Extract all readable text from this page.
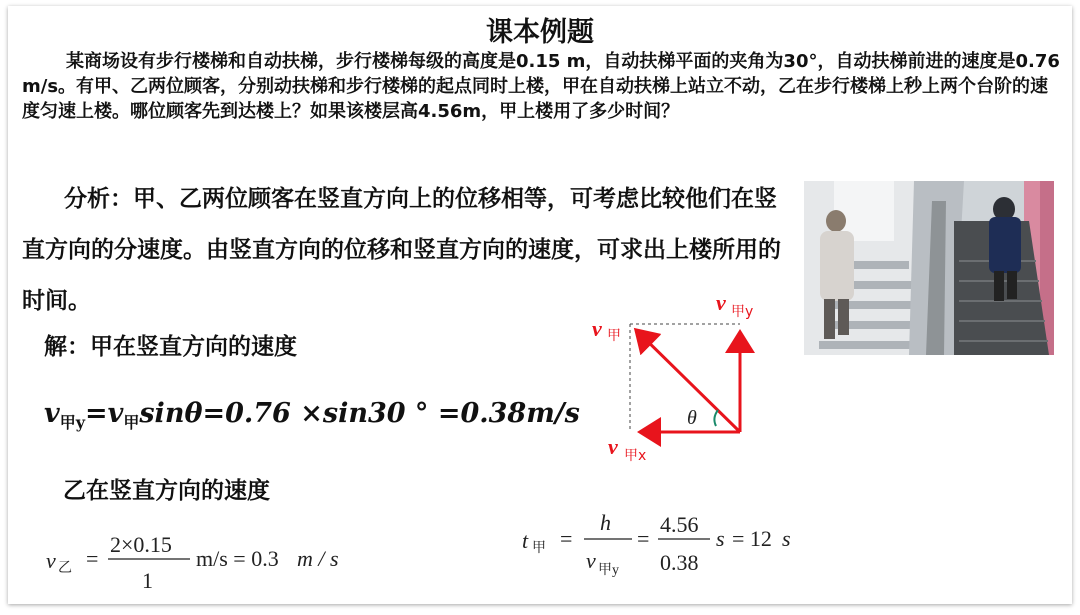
课本例题
某商场设有步行楼梯和自动扶梯，步行楼梯每级的高度是0.15 m，自动扶梯平面的夹角为30°，自动扶梯前进的速度是0.76 m/s。有甲、乙两位顾客，分别动扶梯和步行楼梯的起点同时上楼，甲在自动扶梯上站立不动，乙在步行楼梯上秒上两个台阶的速度匀速上楼。哪位顾客先到达楼上？如果该楼层高4.56m，甲上楼用了多少时间？
分析：甲、乙两位顾客在竖直方向上的位移相等，可考虑比较他们在竖直方向的分速度。由竖直方向的位移和竖直方向的速度，可求出上楼所用的时间。
解：甲在竖直方向的速度
$v_{甲y}=v_甲\sin\theta=0.76 \times\sin 30$ ° =0.38m/s
乙在竖直方向的速度
v 乙 =
2×0.15
1
m/s = 0.3 m / s
t 甲 =
h
v 甲y
=
4.56
0.38
s = 12 s
θ
v 甲
v 甲y
v 甲x
